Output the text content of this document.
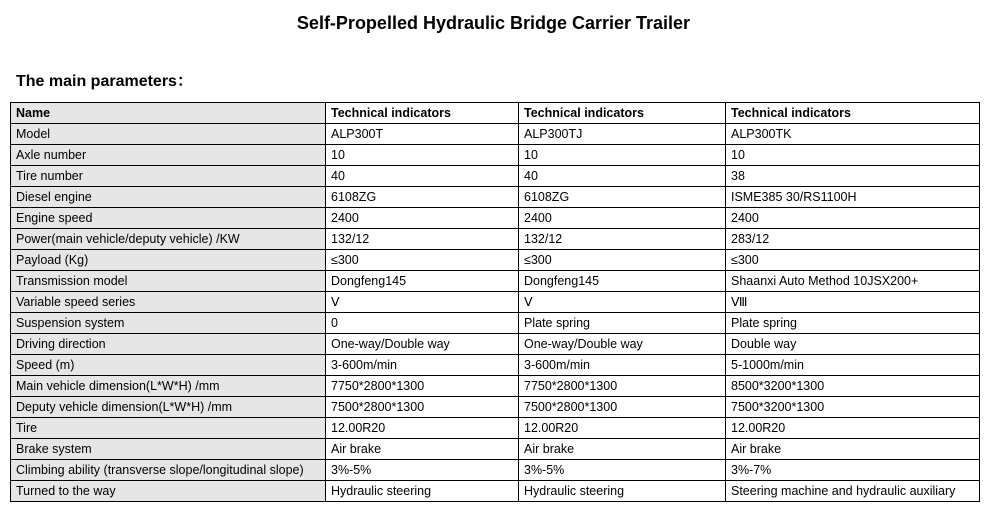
Self-Propelled Hydraulic Bridge Carrier Trailer
The main parameters：
Name	Technical indicators	Technical indicators	Technical indicators
Model	ALP300T	ALP300TJ	ALP300TK
Axle number	10	10	10
Tire number	40	40	38
Diesel engine	6108ZG	6108ZG	ISME385 30/RS1100H
Engine speed	2400	2400	2400
Power(main vehicle/deputy vehicle) /KW	132/12	132/12	283/12
Payload (Kg)	≤300	≤300	≤300
Transmission model	Dongfeng145	Dongfeng145	Shaanxi Auto Method 10JSX200+
Variable speed series	Ⅴ	Ⅴ	Ⅷ
Suspension system	0	Plate spring	Plate spring
Driving direction	One-way/Double way	One-way/Double way	Double way
Speed (m)	3-600m/min	3-600m/min	5-1000m/min
Main vehicle dimension(L*W*H) /mm	7750*2800*1300	7750*2800*1300	8500*3200*1300
Deputy vehicle dimension(L*W*H) /mm	7500*2800*1300	7500*2800*1300	7500*3200*1300
Tire	12.00R20	12.00R20	12.00R20
Brake system	Air brake	Air brake	Air brake
Climbing ability (transverse slope/longitudinal slope)	3%-5%	3%-5%	3%-7%
Turned to the way	Hydraulic steering	Hydraulic steering	Steering machine and hydraulic auxiliary
